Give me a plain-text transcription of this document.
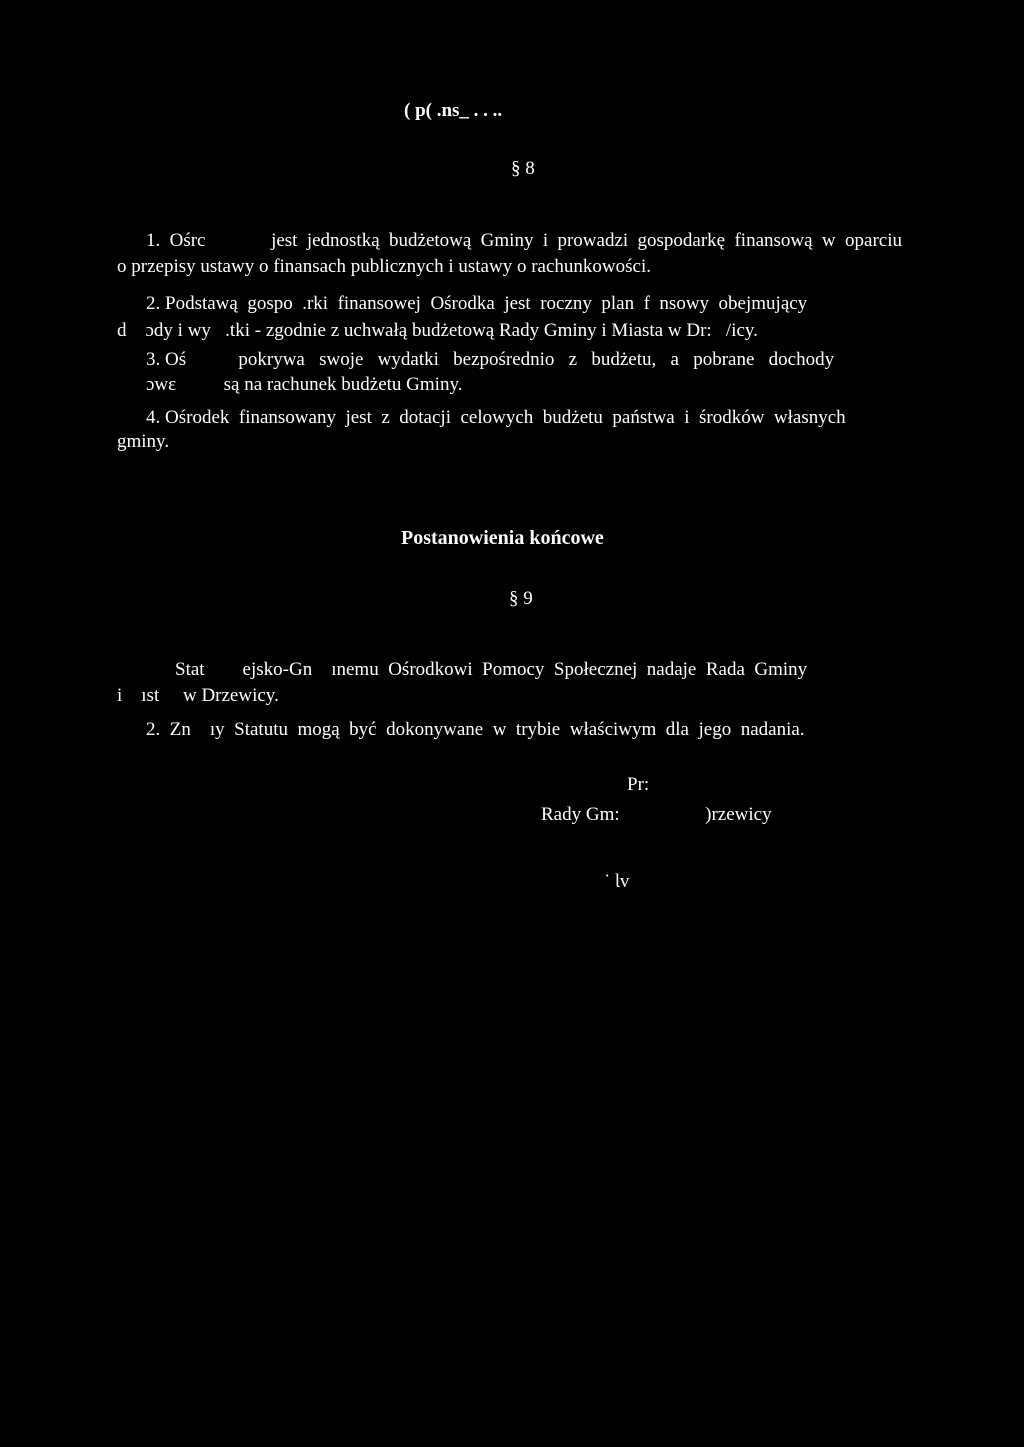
( p( .ns_ . . ..
§ 8
1. Ośrc       jest jednostką budżetową Gminy i prowadzi gospodarkę finansową w oparciu
o przepisy ustawy o finansach publicznych i ustawy o rachunkowości.
2. Podstawą  gospo  .rki  finansowej  Ośrodka  jest  roczny  plan  f  nsowy  obejmujący
d    ɔdy i wy   .tki - zgodnie z uchwałą budżetową Rady Gminy i Miasta w Dr:   /icy.
3. Oś           pokrywa   swoje   wydatki   bezpośrednio   z   budżetu,   a   pobrane   dochody
ɔwε          są na rachunek budżetu Gminy.
4. Ośrodek  finansowany  jest  z  dotacji  celowych  budżetu  państwa  i  środków  własnych
gminy.
Postanowienia końcowe
§ 9
Stat        ejsko-Gn    ınemu  Ośrodkowi  Pomocy  Społecznej  nadaje  Rada  Gminy
i    ıst     w Drzewicy.
2.  Zn    ıy  Statutu  mogą  być  dokonywane  w  trybie  właściwym  dla  jego  nadania.
Pr:
Rady Gm:                  )rzewicy
˙ Ɩv
